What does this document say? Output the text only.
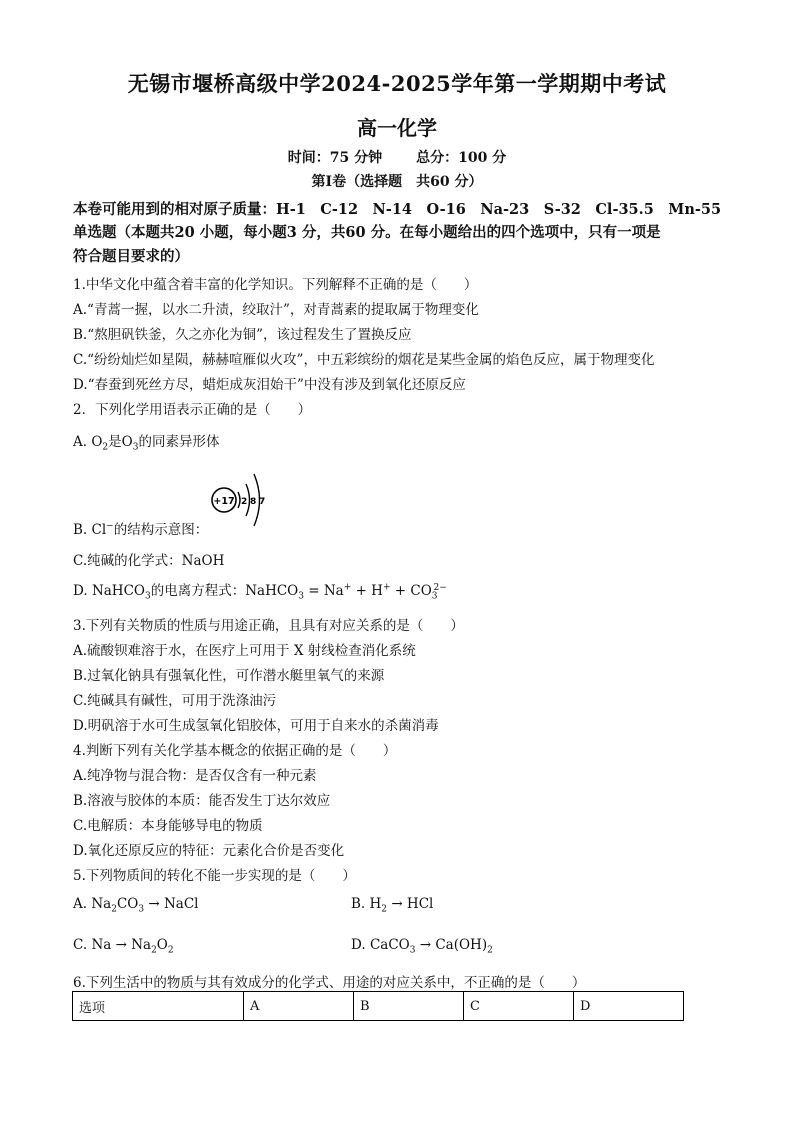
无锡市堰桥高级中学2024-2025学年第一学期期中考试
高一化学
时间：75 分钟 总分：100 分
第Ⅰ卷（选择题　共60 分）
本卷可能用到的相对原子质量：H-1　C-12　N-14　O-16　Na-23　S-32　Cl-35.5　Mn-55
单选题（本题共20 小题，每小题3 分，共60 分。在每小题给出的四个选项中，只有一项是
符合题目要求的）
1.中华文化中蕴含着丰富的化学知识。下列解释不正确的是（　　）
A.“青蒿一握，以水二升渍，绞取汁”，对青蒿素的提取属于物理变化
B.“熬胆矾铁釜，久之亦化为铜”，该过程发生了置换反应
C.“纷纷灿烂如星陨，赫赫喧雁似火攻”，中五彩缤纷的烟花是某些金属的焰色反应，属于物理变化
D.“春蚕到死丝方尽，蜡炬成灰泪始干”中没有涉及到氧化还原反应
2．下列化学用语表示正确的是（　　）
A. $O_2$是$O_3$的同素异形体
+17 2 8 7
B. Cl−的结构示意图：
C.纯碱的化学式：NaOH
D. NaHCO$_3$的电离方程式：NaHCO$_3$ = $Na^+ + H^+ + CO_3^{2-}$
3.下列有关物质的性质与用途正确，且具有对应关系的是（　　）
A.硫酸钡难溶于水，在医疗上可用于 X 射线检查消化系统
B.过氧化钠具有强氧化性，可作潜水艇里氧气的来源
C.纯碱具有碱性，可用于洗涤油污
D.明矾溶于水可生成氢氧化铝胶体，可用于自来水的杀菌消毒
4.判断下列有关化学基本概念的依据正确的是（　　）
A.纯净物与混合物：是否仅含有一种元素
B.溶液与胶体的本质：能否发生丁达尔效应
C.电解质：本身能够导电的物质
D.氧化还原反应的特征：元素化合价是否变化
5.下列物质间的转化不能一步实现的是（　　）
A. $Na_2CO_3$ → NaCl	B. $H_2$ → HCl
C. $Na \to Na_2O_2$	D. CaCO$_3$ → $Ca(OH)_2$
6.下列生活中的物质与其有效成分的化学式、用途的对应关系中，不正确的是（　　）
选项	A	B	C	D
